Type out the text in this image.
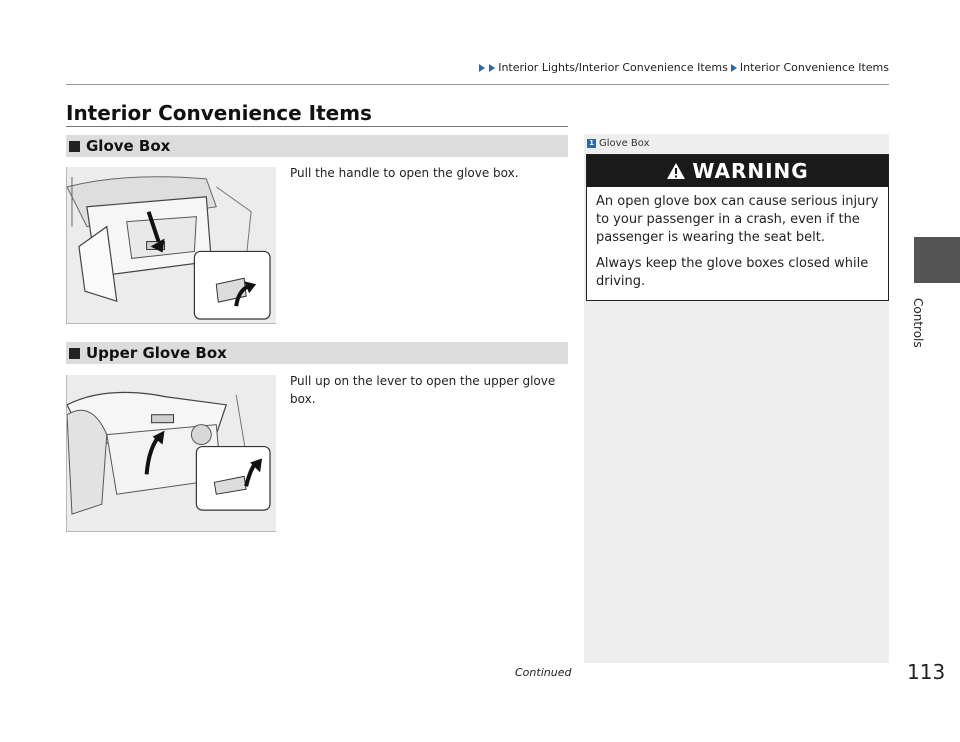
Interior Lights/Interior Convenience Items Interior Convenience Items
Interior Convenience Items
Glove Box

Pull the handle to open the glove box.

Upper Glove Box

Pull up on the lever to open the upper glove box.

1 Glove Box
WARNING

An open glove box can cause serious injury to your passenger in a crash, even if the passenger is wearing the seat belt.

Always keep the glove boxes closed while driving.

Controls
Continued	113
